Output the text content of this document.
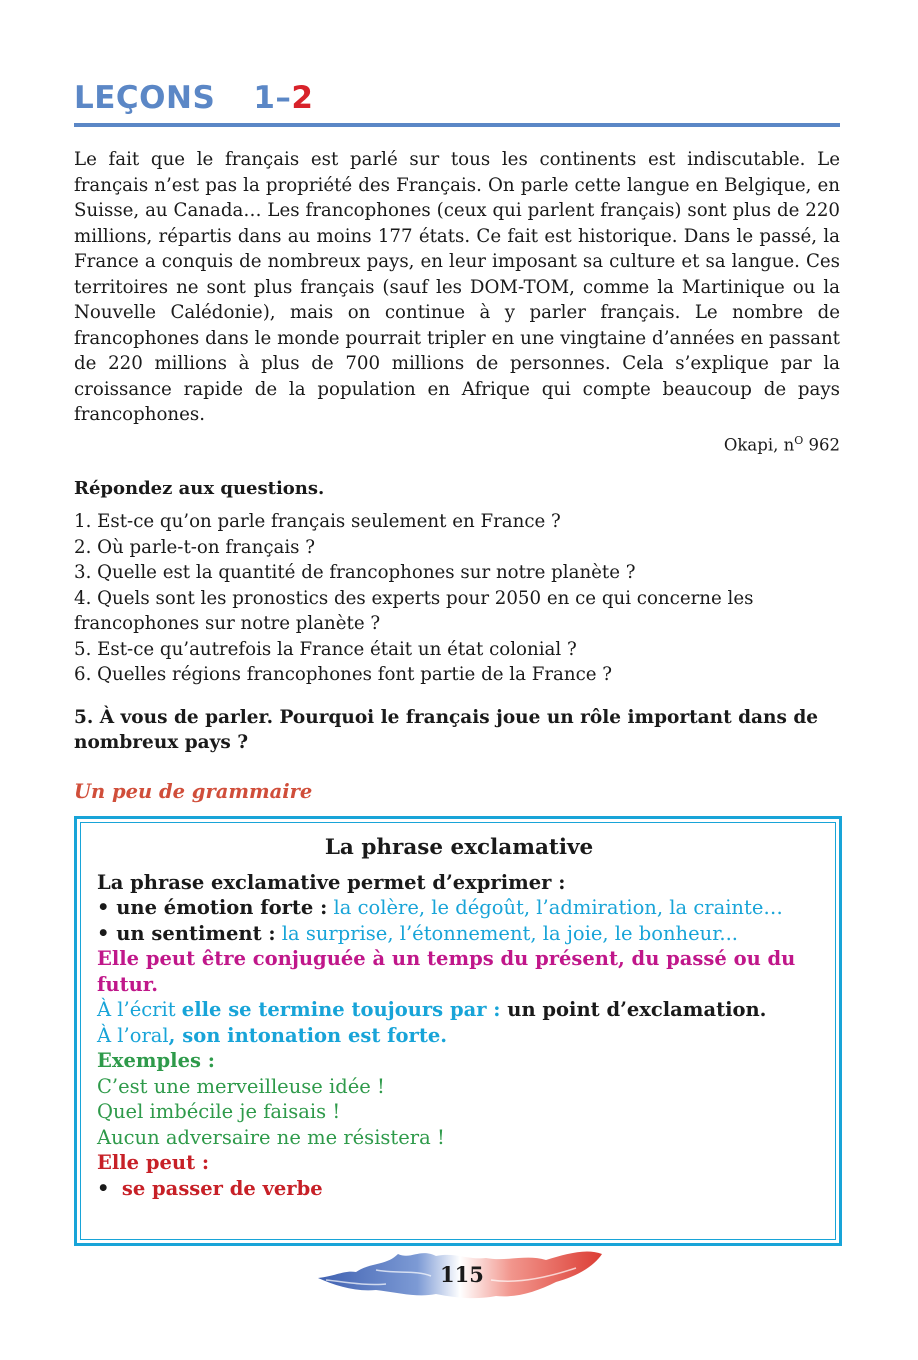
LEÇONS 1–2

Le fait que le français est parlé sur tous les continents est indiscutable. Le français n’est pas la propriété des Français. On parle cette langue en Belgique, en Suisse, au Canada… Les francophones (ceux qui parlent français) sont plus de 220 millions, répartis dans au moins 177 états. Ce fait est historique. Dans le passé, la France a conquis de nombreux pays, en leur imposant sa culture et sa langue. Ces territoires ne sont plus français (sauf les DOM-TOM, comme la Martinique ou la Nouvelle Calédonie), mais on continue à y parler français. Le nombre de francophones dans le monde pourrait tripler en une vingtaine d’années en passant de 220 millions à plus de 700 millions de personnes. Cela s’explique par la croissance rapide de la population en Afrique qui compte beaucoup de pays francophones.

Okapi, $n^O$ 962
Répondez aux questions.
1. Est-ce qu’on parle français seulement en France ?
2. Où parle-t-on français ?
3. Quelle est la quantité de francophones sur notre planète ?
4. Quels sont les pronostics des experts pour 2050 en ce qui concerne les francophones sur notre planète ?
5. Est-ce qu’autrefois la France était un état colonial ?
6. Quelles régions francophones font partie de la France ?
5. À vous de parler. Pourquoi le français joue un rôle important dans de nombreux pays ?
Un peu de grammaire
La phrase exclamative
La phrase exclamative permet d’exprimer :
• une émotion forte : la colère, le dégoût, l’admiration, la crainte…
• un sentiment : la surprise, l’étonnement, la joie, le bonheur...
Elle peut être conjuguée à un temps du présent, du passé ou du futur.
À l’écrit elle se termine toujours par : un point d’exclamation.
À l’oral, son intonation est forte.
Exemples :
C’est une merveilleuse idée !
Quel imbécile je faisais !
Aucun adversaire ne me résistera !
Elle peut :
• se passer de verbe
115
